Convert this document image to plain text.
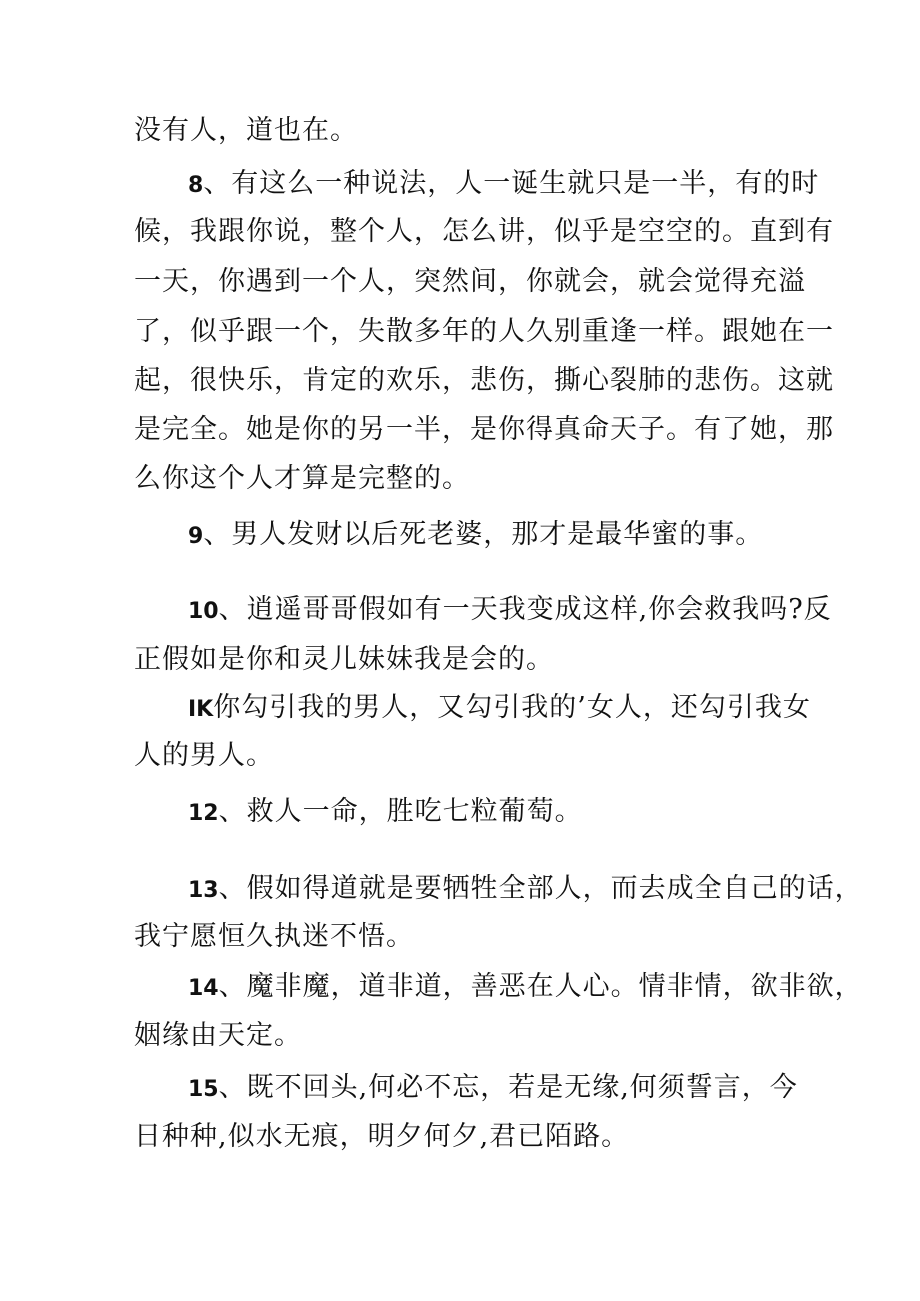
没有人，道也在。
8、有这么一种说法，人一诞生就只是一半，有的时
候，我跟你说，整个人，怎么讲，似乎是空空的。直到有
一天，你遇到一个人，突然间，你就会，就会觉得充溢
了，似乎跟一个，失散多年的人久别重逢一样。跟她在一
起，很快乐，肯定的欢乐，悲伤，撕心裂肺的悲伤。这就
是完全。她是你的另一半，是你得真命天子。有了她，那
么你这个人才算是完整的。
9、男人发财以后死老婆，那才是最华蜜的事。
10、逍遥哥哥假如有一天我变成这样,你会救我吗?反
正假如是你和灵儿妹妹我是会的。
IK你勾引我的男人，又勾引我的’女人，还勾引我女
人的男人。
12、救人一命，胜吃七粒葡萄。
13、假如得道就是要牺牲全部人，而去成全自己的话，
我宁愿恒久执迷不悟。
14、魔非魔，道非道，善恶在人心。情非情，欲非欲，
姻缘由天定。
15、既不回头,何必不忘，若是无缘,何须誓言，今
日种种,似水无痕，明夕何夕,君已陌路。
